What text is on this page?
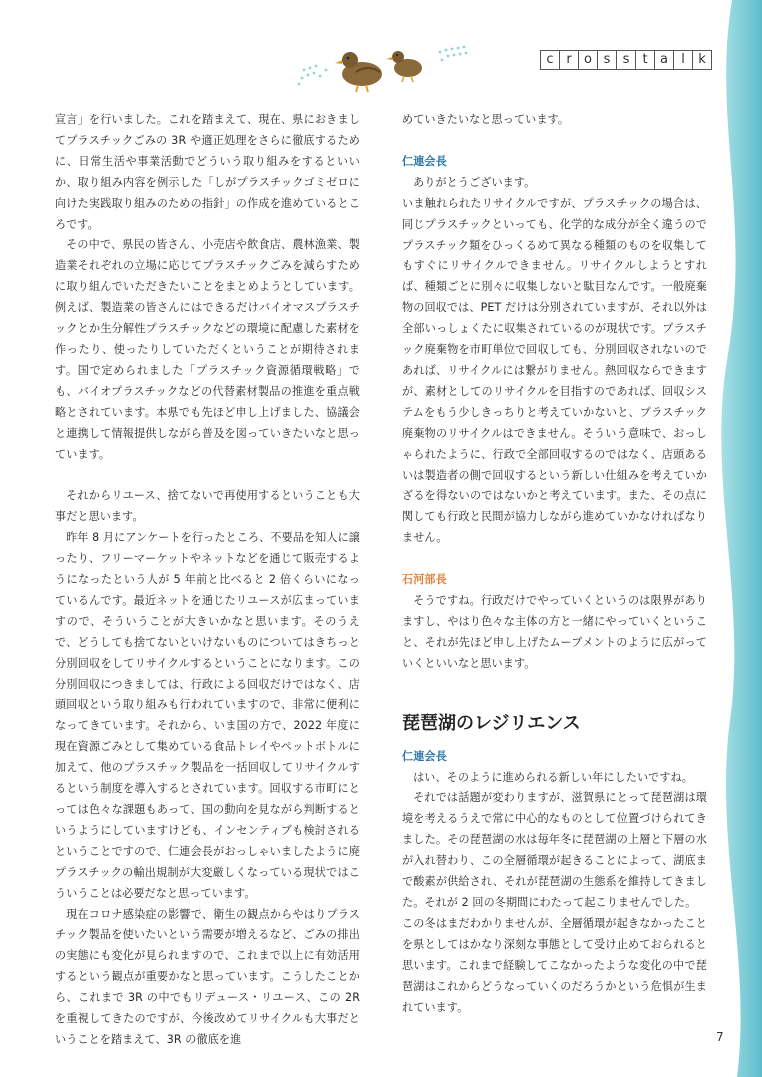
c r o s s	t a	l	k

宣言」を行いました。これを踏まえて、現在、県におきましてプラスチックごみの 3R や適正処理をさらに徹底するために、日常生活や事業活動でどういう取り組みをするといいか、取り組み内容を例示した「しがプラスチックゴミゼロに向けた実践取り組みのための指針」の作成を進めているところです。

その中で、県民の皆さん、小売店や飲食店、農林漁業、製造業それぞれの立場に応じてプラスチックごみを減らすために取り組んでいただきたいことをまとめようとしています。例えば、製造業の皆さんにはできるだけバイオマスプラスチックとか生分解性プラスチックなどの環境に配慮した素材を作ったり、使ったりしていただくということが期待されます。国で定められました「プラスチック資源循環戦略」でも、バイオプラスチックなどの代替素材製品の推進を重点戦略とされています。本県でも先ほど申し上げました、協議会と連携して情報提供しながら普及を図っていきたいなと思っています。

それからリユース、捨てないで再使用するということも大事だと思います。

昨年 8 月にアンケートを行ったところ、不要品を知人に譲ったり、フリーマーケットやネットなどを通じて販売するようになったという人が 5 年前と比べると 2 倍くらいになっているんです。最近ネットを通じたリユースが広まっていますので、そういうことが大きいかなと思います。そのうえで、どうしても捨てないといけないものについてはきちっと分別回収をしてリサイクルするということになります。この分別回収につきましては、行政による回収だけではなく、店頭回収という取り組みも行われていますので、非常に便利になってきています。それから、いま国の方で、2022 年度に現在資源ごみとして集めている食品トレイやペットボトルに加えて、他のプラスチック製品を一括回収してリサイクルするという制度を導入するとされています。回収する市町にとっては色々な課題もあって、国の動向を見ながら判断するというようにしていますけども、インセンティブも検討されるということですので、仁連会長がおっしゃいましたように廃プラスチックの輸出規制が大変厳しくなっている現状ではこういうことは必要だなと思っています。

現在コロナ感染症の影響で、衛生の観点からやはりプラスチック製品を使いたいという需要が増えるなど、ごみの排出の実態にも変化が見られますので、これまで以上に有効活用するという観点が重要かなと思っています。こうしたことから、これまで 3R の中でもリデュース・リユース、この 2R を重視してきたのですが、今後改めてリサイクルも大事だということを踏まえて、3R の徹底を進

めていきたいなと思っています。

仁連会長

ありがとうございます。

いま触れられたリサイクルですが、プラスチックの場合は、同じプラスチックといっても、化学的な成分が全く違うのでプラスチック類をひっくるめて異なる種類のものを収集してもすぐにリサイクルできません。リサイクルしようとすれば、種類ごとに別々に収集しないと駄目なんです。一般廃棄物の回収では、PET だけは分別されていますが、それ以外は全部いっしょくたに収集されているのが現状です。プラスチック廃棄物を市町単位で回収しても、分別回収されないのであれば、リサイクルには繋がりません。熱回収ならできますが、素材としてのリサイクルを目指すのであれば、回収システムをもう少しきっちりと考えていかないと、プラスチック廃棄物のリサイクルはできません。そういう意味で、おっしゃられたように、行政で全部回収するのではなく、店頭あるいは製造者の側で回収するという新しい仕組みを考えていかざるを得ないのではないかと考えています。また、その点に関しても行政と民間が協力しながら進めていかなければなりません。

石河部長

そうですね。行政だけでやっていくというのは限界がありますし、やはり色々な主体の方と一緒にやっていくということ、それが先ほど申し上げたムーブメントのように広がっていくといいなと思います。

琵琶湖のレジリエンス

仁連会長

はい、そのように進められる新しい年にしたいですね。

それでは話題が変わりますが、滋賀県にとって琵琶湖は環境を考えるうえで常に中心的なものとして位置づけられてきました。その琵琶湖の水は毎年冬に琵琶湖の上層と下層の水が入れ替わり、この全層循環が起きることによって、湖底まで酸素が供給され、それが琵琶湖の生態系を維持してきました。それが 2 回の冬期間にわたって起こりませんでした。

この冬はまだわかりませんが、全層循環が起きなかったことを県としてはかなり深刻な事態として受け止めておられると思います。これまで経験してこなかったような変化の中で琵琶湖はこれからどうなっていくのだろうかという危惧が生まれています。

7
